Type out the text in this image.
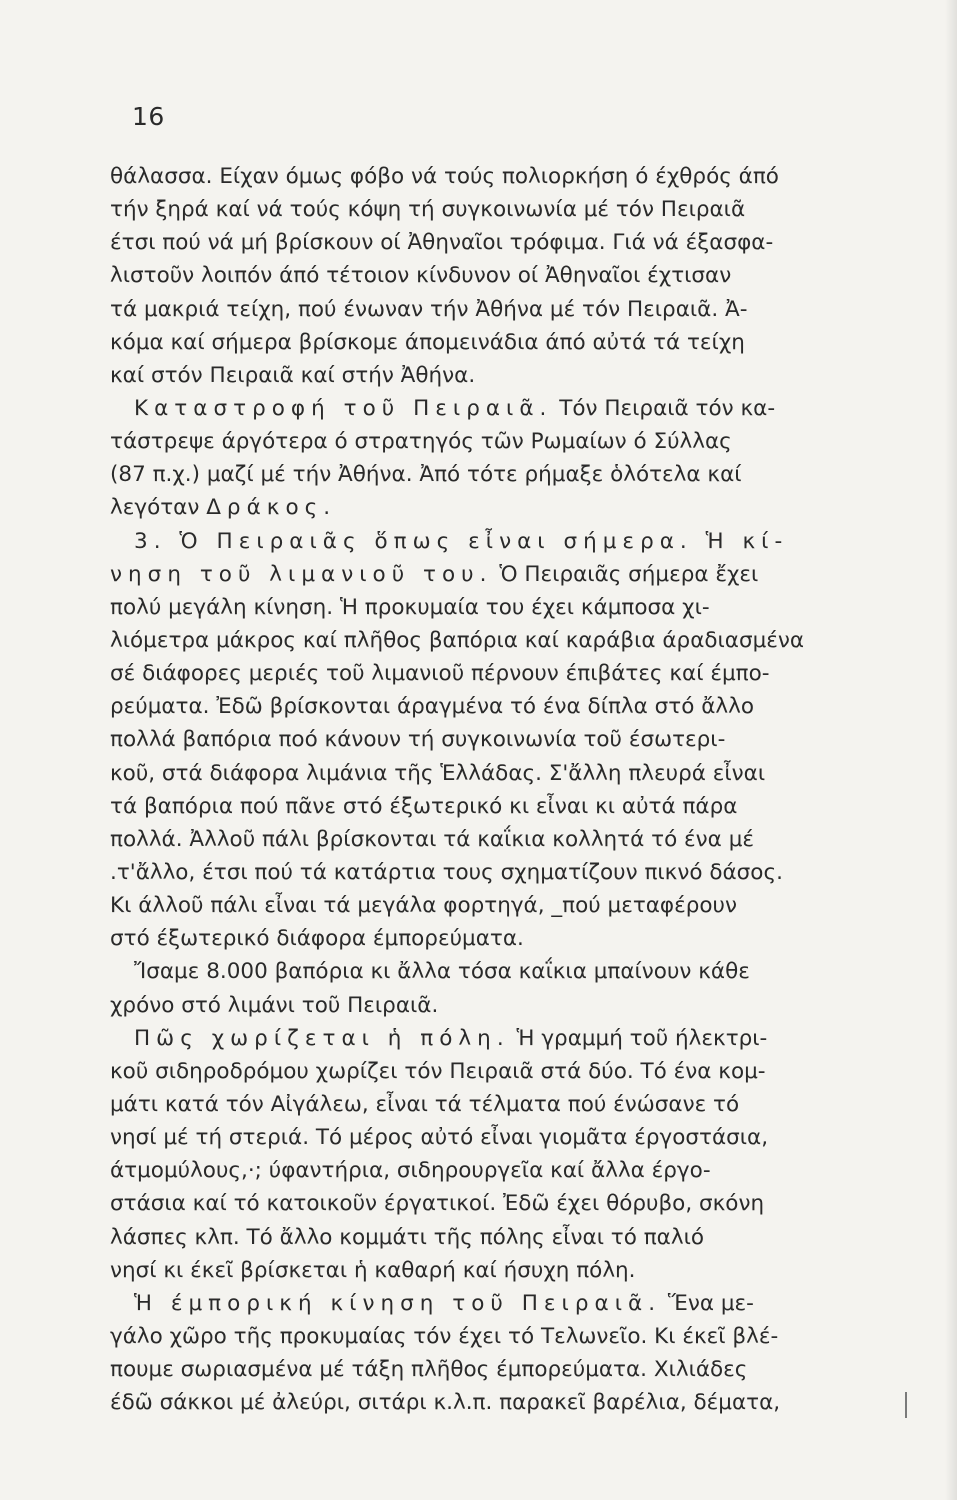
16
θάλασσα. Είχαν όμως φόβο νά τούς πολιορκήση ό έχθρός άπό
τήν ξηρά καί νά τούς κόψη τή συγκοινωνία μέ τόν Πειραιᾶ
έτσι πού νά μή βρίσκουν οί Ἀθηναῖοι τρόφιμα. Γιά νά έξασφα-
λιστοῦν λοιπόν άπό τέτοιον κίνδυνον οί Ἀθηναῖοι έχτισαν
τά μακριά τείχη, πού ένωναν τήν Ἀθήνα μέ τόν Πειραιᾶ. Ἀ-
κόμα καί σήμερα βρίσκομε άπομεινάδια άπό αὐτά τά τείχη
καί στόν Πειραιᾶ καί στήν Ἀθήνα.
Καταστροφή τοῦ Πειραιᾶ. Τόν Πειραιᾶ τόν κα-
τάστρεψε άργότερα ό στρατηγός τῶν Ρωμαίων ό Σύλλας
(87 π.χ.) μαζί μέ τήν Ἀθήνα. Ἀπό τότε ρήμαξε ὁλότελα καί
λεγόταν Δράκος.
3. Ὁ Πειραιᾶς ὅπως εἶναι σήμερα. Ἡ κί-
νηση τοῦ λιμανιοῦ του. Ὁ Πειραιᾶς σήμερα ἔχει
πολύ μεγάλη κίνηση. Ἡ προκυμαία του έχει κάμποσα χι-
λιόμετρα μάκρος καί πλῆθος βαπόρια καί καράβια άραδιασμένα
σέ διάφορες μεριές τοῦ λιμανιοῦ πέρνουν έπιβάτες καί έμπο-
ρεύματα. Ἐδῶ βρίσκονται άραγμένα τό ένα δίπλα στό ἄλλο
πολλά βαπόρια ποό κάνουν τή συγκοινωνία τοῦ έσωτερι-
κοῦ, στά διάφορα λιμάνια τῆς Ἑλλάδας. Σ'ἄλλη πλευρά εἶναι
τά βαπόρια πού πᾶνε στό έξωτερικό κι εἶναι κι αὐτά πάρα
πολλά. Ἀλλοῦ πάλι βρίσκονται τά καΐκια κολλητά τό ένα μέ
.τ'ἄλλο, έτσι πού τά κατάρτια τους σχηματίζουν πικνό δάσος.
Κι άλλοῦ πάλι εἶναι τά μεγάλα φορτηγά, _πού μεταφέρουν
στό έξωτερικό διάφορα έμπορεύματα.
Ἴσαμε 8.000 βαπόρια κι ἄλλα τόσα καΐκια μπαίνουν κάθε
χρόνο στό λιμάνι τοῦ Πειραιᾶ.
Πῶς χωρίζεται ἡ πόλη. Ἡ γραμμή τοῦ ήλεκτρι-
κοῦ σιδηροδρόμου χωρίζει τόν Πειραιᾶ στά δύο. Τό ένα κομ-
μάτι κατά τόν Αἰγάλεω, εἶναι τά τέλματα πού ένώσανε τό
νησί μέ τή στεριά. Τό μέρος αὐτό εἶναι γιομᾶτα έργοστάσια,
άτμομύλους,·; ύφαντήρια, σιδηρουργεῖα καί ἄλλα έργο-
στάσια καί τό κατοικοῦν έργατικοί. Ἐδῶ έχει θόρυβο, σκόνη
λάσπες κλπ. Τό ἄλλο κομμάτι τῆς πόλης εἶναι τό παλιό
νησί κι έκεῖ βρίσκεται ἡ καθαρή καί ήσυχη πόλη.
Ἡ έμπορική κίνηση τοῦ Πειραιᾶ. Ἕνα με-
γάλο χῶρο τῆς προκυμαίας τόν έχει τό Τελωνεῖο. Κι έκεῖ βλέ-
πουμε σωριασμένα μέ τάξη πλῆθος έμπορεύματα. Χιλιάδες
έδῶ σάκκοι μέ ἀλεύρι, σιτάρι κ.λ.π. παρακεῖ βαρέλια, δέματα,
